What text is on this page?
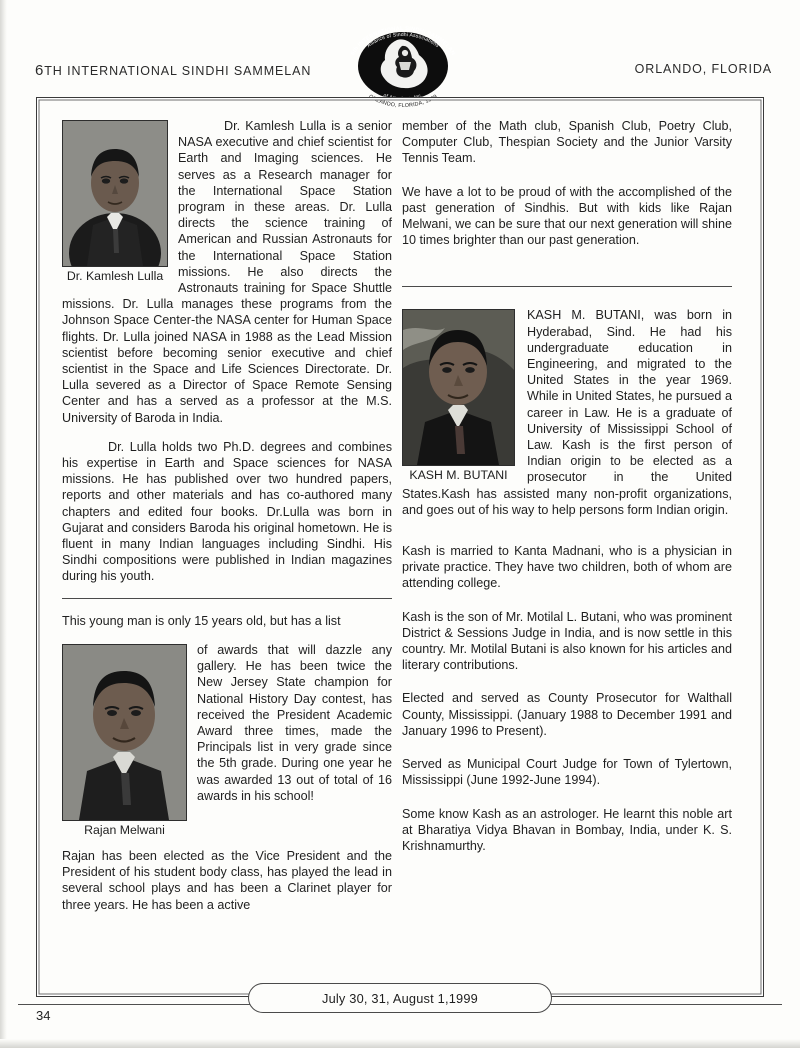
6TH INTERNATIONAL SINDHI SAMMELAN	ORLANDO, FLORIDA
6th INTERNATIONAL SINDHI SAMMELAN
Alliance of Sindhi Associations
of Americas, Inc.
ORLANDO, FLORIDA, 1999
Dr. Kamlesh Lulla

Dr. Kamlesh Lulla is a senior NASA executive and chief scientist for Earth and Imaging sciences. He serves as a Research manager for the International Space Station program in these areas. Dr. Lulla directs the science training of American and Russian Astronauts for the International Space Station missions. He also directs the Astronauts training for Space Shuttle missions. Dr. Lulla manages these programs from the Johnson Space Center-the NASA center for Human Space flights. Dr. Lulla joined NASA in 1988 as the Lead Mission scientist before becoming senior executive and chief scientist in the Space and Life Sciences Directorate. Dr. Lulla severed as a Director of Space Remote Sensing Center and has a served as a professor at the M.S. University of Baroda in India.

Dr. Lulla holds two Ph.D. degrees and combines his expertise in Earth and Space sciences for NASA missions. He has published over two hundred papers, reports and other materials and has co-authored many chapters and edited four books. Dr.Lulla was born in Gujarat and considers Baroda his original hometown. He is fluent in many Indian languages including Sindhi. His Sindhi compositions were published in Indian magazines during his youth.

This young man is only 15 years old, but has a list

Rajan Melwani

of awards that will dazzle any gallery. He has been twice the New Jersey State champion for National History Day contest, has received the President Academic Award three times, made the Principals list in very grade since the 5th grade. During one year he was awarded 13 out of total of 16 awards in his school!

Rajan has been elected as the Vice President and the President of his student body class, has played the lead in several school plays and has been a Clarinet player for three years. He has been a active

member of the Math club, Spanish Club, Poetry Club, Computer Club, Thespian Society and the Junior Varsity Tennis Team.

We have a lot to be proud of with the accomplished of the past generation of Sindhis. But with kids like Rajan Melwani, we can be sure that our next generation will shine 10 times brighter than our past generation.

KASH M. BUTANI

KASH M. BUTANI, was born in Hyderabad, Sind. He had his undergraduate education in Engineering, and migrated to the United States in the year 1969. While in United States, he pursued a career in Law. He is a graduate of University of Mississippi School of Law. Kash is the first person of Indian origin to be elected as a prosecutor in the United States.Kash has assisted many non-profit organizations, and goes out of his way to help persons form Indian origin.

Kash is married to Kanta Madnani, who is a physician in private practice. They have two children, both of whom are attending college.

Kash is the son of Mr. Motilal L. Butani, who was prominent District & Sessions Judge in India, and is now settle in this country. Mr. Motilal Butani is also known for his articles and literary contributions.

Elected and served as County Prosecutor for Walthall County, Mississippi. (January 1988 to December 1991 and January 1996 to Present).

Served as Municipal Court Judge for Town of Tylertown, Mississippi (June 1992-June 1994).

Some know Kash as an astrologer. He learnt this noble art at Bharatiya Vidya Bhavan in Bombay, India, under K. S. Krishnamurthy.

July 30, 31, August 1,1999
34
